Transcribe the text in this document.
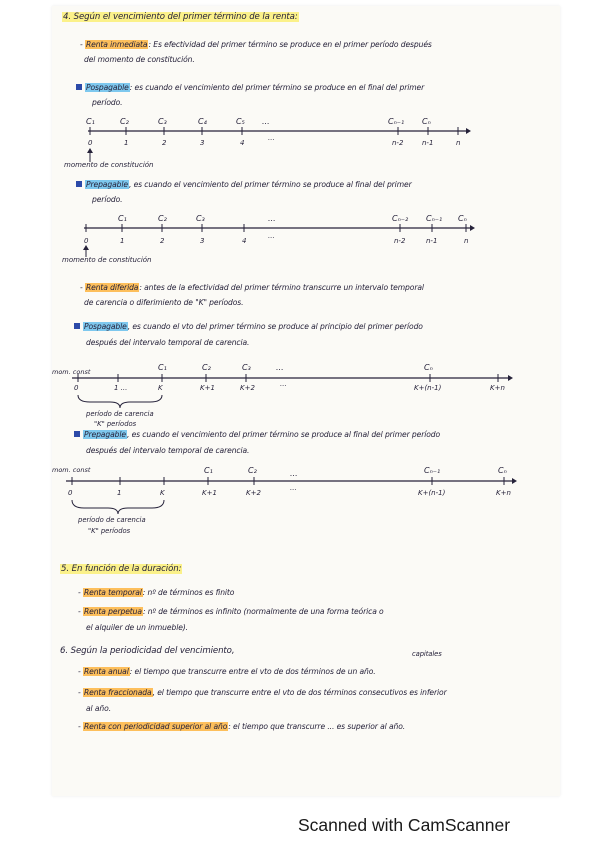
4. Según el vencimiento del primer término de la renta:
- Renta inmediata: Es efectividad del primer término se produce en el primer período después
del momento de constitución.
Pospagable: es cuando el vencimiento del primer término se produce en el final del primer
período.
C₁	C₂	C₃	C₄	C₅ ...	Cₙ₋₁ Cₙ
0	1	2	3	4
...
n-2	n-1	n
momento de constitución
Prepagable, es cuando el vencimiento del primer término se produce al final del primer
período.
C₁	C₂	C₃	...	Cₙ₋₂ Cₙ₋₁ Cₙ
0	1	2	3	4
...
n-2	n-1	n
momento de constitución
- Renta diferida: antes de la efectividad del primer término transcurre un intervalo temporal
de carencia o diferimiento de "K" períodos.
Pospagable, es cuando el vto del primer término se produce al principio del primer período
después del intervalo temporal de carencia.
mom. const	C₁	C₂	C₃	...	Cₙ
0	1 ...	K	K+1	K+2	...	K+(n-1)	K+n
período de carencia
"K" períodos
Prepagable, es cuando el vencimiento del primer término se produce al final del primer período
después del intervalo temporal de carencia.
mom. const	C₁	C₂	...	Cₙ₋₁	Cₙ
0	1	K	K+1	K+2
...
K+(n-1)	K+n
período de carencia
"K" períodos
5. En función de la duración:
- Renta temporal: nº de términos es finito
- Renta perpetua: nº de términos es infinito (normalmente de una forma teórica o
el alquiler de un inmueble).
6. Según la periodicidad del vencimiento,	capitales
- Renta anual: el tiempo que transcurre entre el vto de dos términos de un año.
- Renta fraccionada, el tiempo que transcurre entre el vto de dos términos consecutivos es inferior
al año.
- Renta con periodicidad superior al año: el tiempo que transcurre ... es superior al año.
Scanned with CamScanner
